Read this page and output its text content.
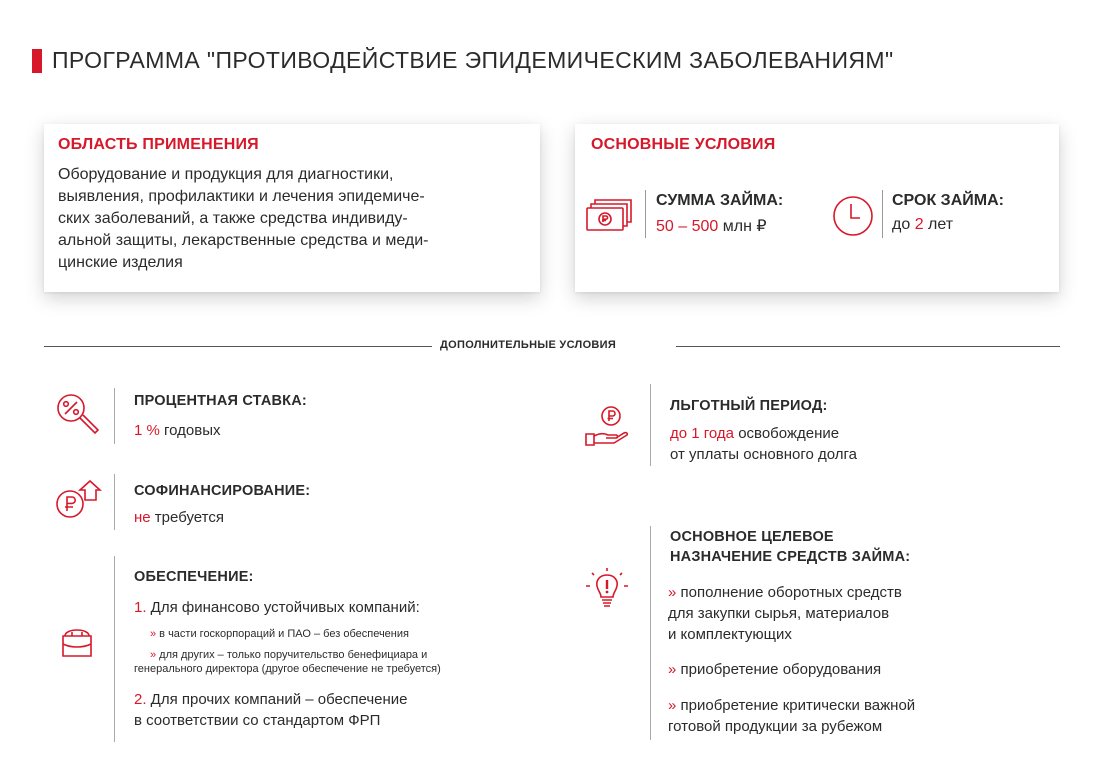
ПРОГРАММА "ПРОТИВОДЕЙСТВИЕ ЭПИДЕМИЧЕСКИМ ЗАБОЛЕВАНИЯМ"
ОБЛАСТЬ ПРИМЕНЕНИЯ
Оборудование и продукция для диагностики,
выявления, профилактики и лечения эпидемиче-
ских заболеваний, а также средства индивиду-
альной защиты, лекарственные средства и меди-
цинские изделия
ОСНОВНЫЕ УСЛОВИЯ
СУММА ЗАЙМА:
50 – 500 млн ₽
СРОК ЗАЙМА:
до 2 лет
ДОПОЛНИТЕЛЬНЫЕ УСЛОВИЯ
ПРОЦЕНТНАЯ СТАВКА:
1 % годовых
СОФИНАНСИРОВАНИЕ:
не требуется
ОБЕСПЕЧЕНИЕ:
1. Для финансово устойчивых компаний:
» в части госкорпораций и ПАО – без обеспечения
» для других – только поручительство бенефициара и
генерального директора (другое обеспечение не требуется)
2. Для прочих компаний – обеспечение
в соответствии со стандартом ФРП
ЛЬГОТНЫЙ ПЕРИОД:
до 1 года освобождение
от уплаты основного долга
ОСНОВНОЕ ЦЕЛЕВОЕ
НАЗНАЧЕНИЕ СРЕДСТВ ЗАЙМА:
» пополнение оборотных средств
для закупки сырья, материалов
и комплектующих
» приобретение оборудования
» приобретение критически важной
готовой продукции за рубежом
